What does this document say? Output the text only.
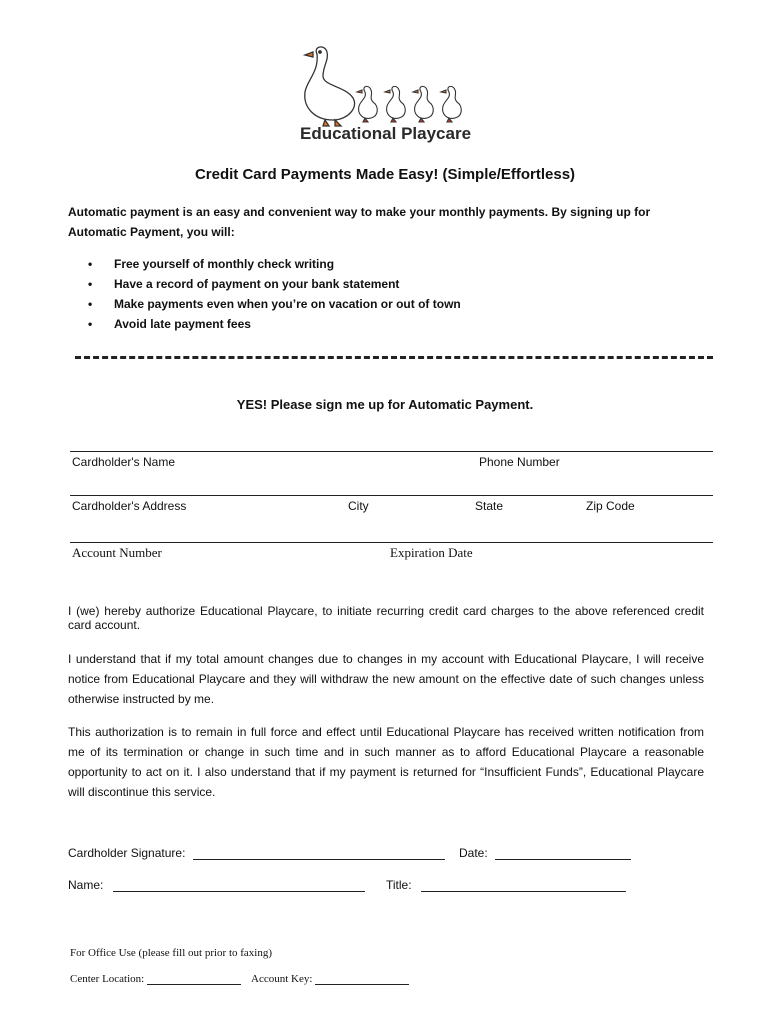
Educational Playcare
Credit Card Payments Made Easy! (Simple/Effortless)
Automatic payment is an easy and convenient way to make your monthly payments. By signing up for Automatic Payment, you will:
• Free yourself of monthly check writing
• Have a record of payment on your bank statement
• Make payments even when you’re on vacation or out of town
• Avoid late payment fees
YES! Please sign me up for Automatic Payment.
Cardholder's Name	Phone Number
Cardholder's Address	City	State	Zip Code
Account Number	Expiration Date
I (we) hereby authorize Educational Playcare, to initiate recurring credit card charges to the above referenced credit card account.
I understand that if my total amount changes due to changes in my account with Educational Playcare, I will receive notice from Educational Playcare and they will withdraw the new amount on the effective date of such changes unless otherwise instructed by me.
This authorization is to remain in full force and effect until Educational Playcare has received written notification from me of its termination or change in such time and in such manner as to afford Educational Playcare a reasonable opportunity to act on it. I also understand that if my payment is returned for “Insufficient Funds”, Educational Playcare will discontinue this service.
Cardholder Signature:	Date:
Name:	Title:
For Office Use (please fill out prior to faxing)
Center Location:	Account Key:
